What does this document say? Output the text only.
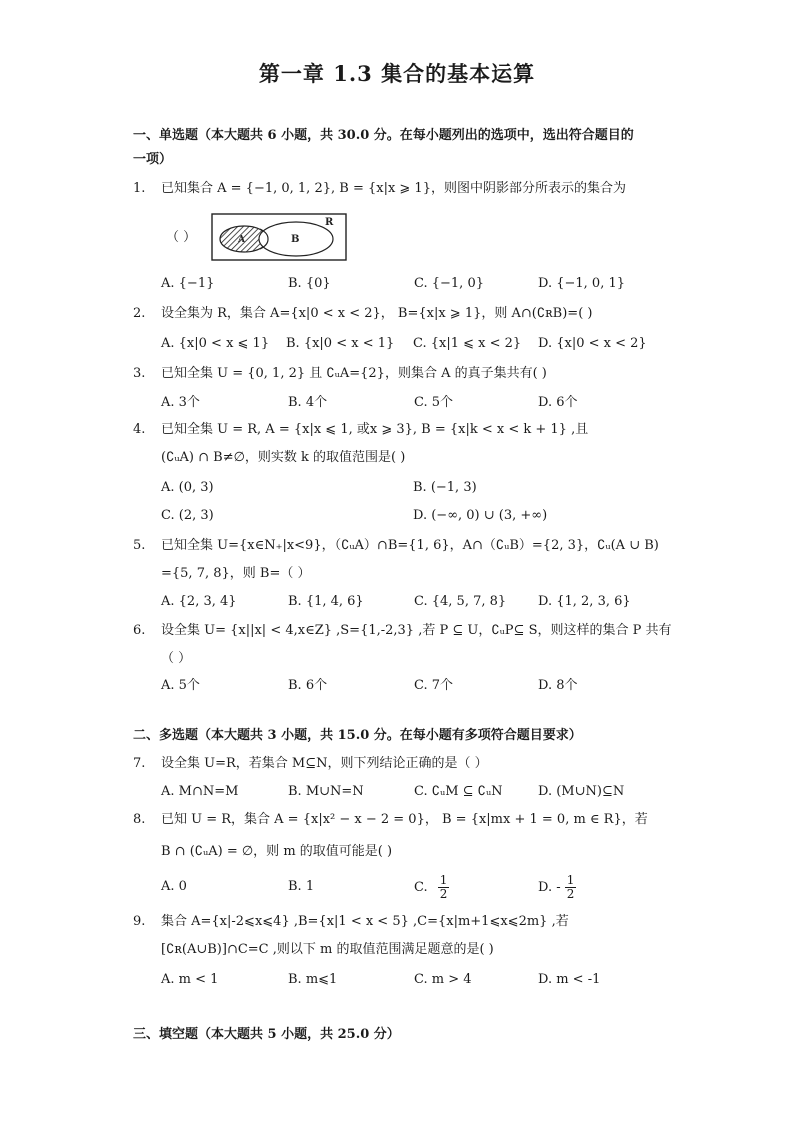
第一章 1.3 集合的基本运算
一、单选题（本大题共 6 小题，共 30.0 分。在每小题列出的选项中，选出符合题目的
一项）
1.	已知集合 A = {−1, 0, 1, 2}, B = {x|x ⩾ 1}，则图中阴影部分所表示的集合为
（ ）	A	B
R
A. {−1}	B. {0}	C. {−1, 0}	D. {−1, 0, 1}
2.	设全集为 R，集合 A={x|0 < x < 2}， B={x|x ⩾ 1}，则 A∩(∁ʀB)=( )
A. {x|0 < x ⩽ 1} B. {x|0 < x < 1} C. {x|1 ⩽ x < 2} D. {x|0 < x < 2}
3.	已知全集 U = {0, 1, 2} 且 ∁ᵤA={2}，则集合 A 的真子集共有( )
A. 3个	B. 4个	C. 5个	D. 6个
4.	已知全集 U = R, A = {x|x ⩽ 1, 或x ⩾ 3}, B = {x|k < x < k + 1} ,且
(∁ᵤA) ∩ B≠∅，则实数 k 的取值范围是( )
A. (0, 3)	B. (−1, 3)
C. (2, 3)	D. (−∞, 0) ∪ (3, +∞)
5.	已知全集 U={x∈N₊|x<9}，（∁ᵤA）∩B={1, 6}，A∩（∁ᵤB）={2, 3}，∁ᵤ(A ∪ B)
={5, 7, 8}，则 B=（ ）
A. {2, 3, 4}	B. {1, 4, 6}	C. {4, 5, 7, 8} D. {1, 2, 3, 6}
6.	设全集 U= {x||x| < 4,x∈Z} ,S={1,-2,3} ,若 P ⊆ U，∁ᵤP⊆ S，则这样的集合 P 共有
（ ）
A. 5个	B. 6个	C. 7个	D. 8个
二、多选题（本大题共 3 小题，共 15.0 分。在每小题有多项符合题目要求）
7.	设全集 U=R，若集合 M⊆N，则下列结论正确的是（ ）
A. M∩N=M	B. M∪N=N	C. ∁ᵤM ⊆ ∁ᵤN	D. (M∪N)⊆N
8.	已知 U = R，集合 A = {x|x² − x − 2 = 0}， B = {x|mx + 1 = 0, m ∈ R}，若
B ∩ (∁ᵤA) = ∅，则 m 的取值可能是( )
A. 0	B. 1	C. $\frac{1}{2}$	D. - $\frac{1}{2}$
9.	集合 A={x|-2⩽x⩽4} ,B={x|1 < x < 5} ,C={x|m+1⩽x⩽2m} ,若
[∁ʀ(A∪B)]∩C=C ,则以下 m 的取值范围满足题意的是( )
A. m < 1	B. m⩽1	C. m > 4	D. m < -1
三、填空题（本大题共 5 小题，共 25.0 分）
